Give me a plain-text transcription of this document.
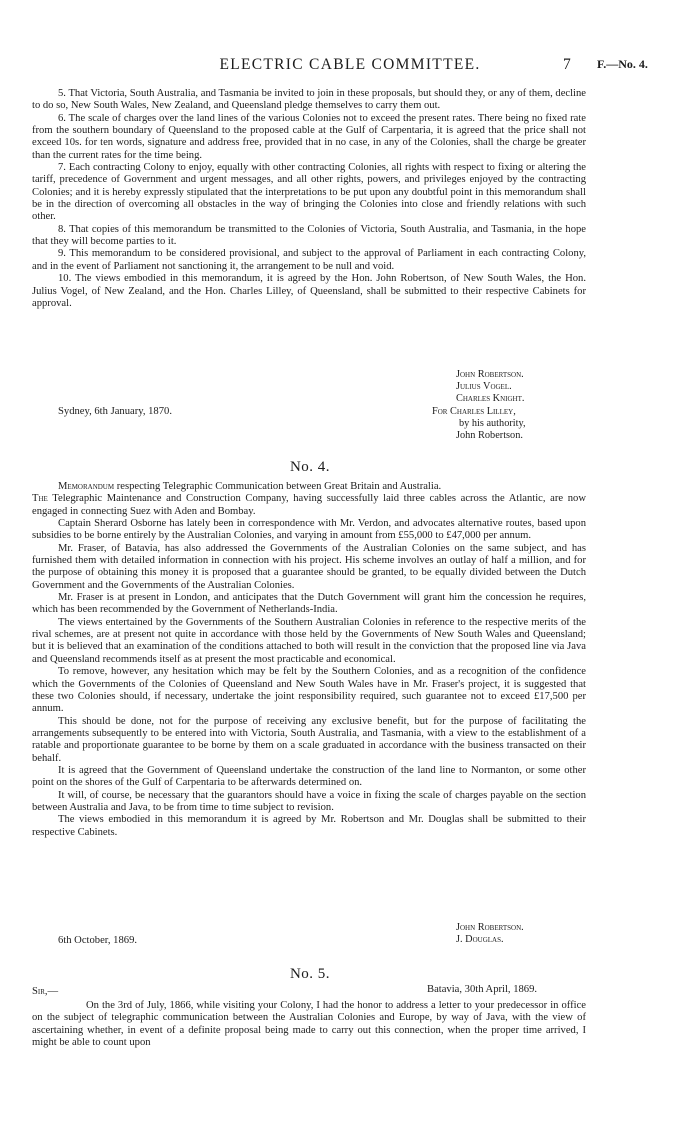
ELECTRIC CABLE COMMITTEE.	7 F.—No. 4.

5. That Victoria, South Australia, and Tasmania be invited to join in these proposals, but should they, or any of them, decline to do so, New South Wales, New Zealand, and Queensland pledge themselves to carry them out.

6. The scale of charges over the land lines of the various Colonies not to exceed the present rates. There being no fixed rate from the southern boundary of Queensland to the proposed cable at the Gulf of Carpentaria, it is agreed that the price shall not exceed 10s. for ten words, signature and address free, provided that in no case, in any of the Colonies, shall the charge be greater than the current rates for the time being.

7. Each contracting Colony to enjoy, equally with other contracting Colonies, all rights with respect to fixing or altering the tariff, precedence of Government and urgent messages, and all other rights, powers, and privileges enjoyed by the contracting Colonies; and it is hereby expressly stipulated that the interpretations to be put upon any doubtful point in this memorandum shall be in the direction of overcoming all obstacles in the way of bringing the Colonies into close and friendly relations with such other.

8. That copies of this memorandum be transmitted to the Colonies of Victoria, South Australia, and Tasmania, in the hope that they will become parties to it.

9. This memorandum to be considered provisional, and subject to the approval of Parliament in each contracting Colony, and in the event of Parliament not sanctioning it, the arrangement to be null and void.

10. The views embodied in this memorandum, it is agreed by the Hon. John Robertson, of New South Wales, the Hon. Julius Vogel, of New Zealand, and the Hon. Charles Lilley, of Queensland, shall be submitted to their respective Cabinets for approval.

John Robertson.
Julius Vogel.
Charles Knight.
For Charles Lilley,
by his authority,
John Robertson.
Sydney, 6th January, 1870.
No. 4.

Memorandum respecting Telegraphic Communication between Great Britain and Australia.

The Telegraphic Maintenance and Construction Company, having successfully laid three cables across the Atlantic, are now engaged in connecting Suez with Aden and Bombay.

Captain Sherard Osborne has lately been in correspondence with Mr. Verdon, and advocates alternative routes, based upon subsidies to be borne entirely by the Australian Colonies, and varying in amount from £55,000 to £47,000 per annum.

Mr. Fraser, of Batavia, has also addressed the Governments of the Australian Colonies on the same subject, and has furnished them with detailed information in connection with his project. His scheme involves an outlay of half a million, and for the purpose of obtaining this money it is proposed that a guarantee should be granted, to be equally divided between the Dutch Government and the Governments of the Australian Colonies.

Mr. Fraser is at present in London, and anticipates that the Dutch Government will grant him the concession he requires, which has been recommended by the Government of Netherlands-India.

The views entertained by the Governments of the Southern Australian Colonies in reference to the respective merits of the rival schemes, are at present not quite in accordance with those held by the Governments of New South Wales and Queensland; but it is believed that an examination of the conditions attached to both will result in the conviction that the proposed line via Java and Queensland recommends itself as at present the most practicable and economical.

To remove, however, any hesitation which may be felt by the Southern Colonies, and as a recognition of the confidence which the Governments of the Colonies of Queensland and New South Wales have in Mr. Fraser's project, it is suggested that these two Colonies should, if necessary, undertake the joint responsibility required, such guarantee not to exceed £17,500 per annum.

This should be done, not for the purpose of receiving any exclusive benefit, but for the purpose of facilitating the arrangements subsequently to be entered into with Victoria, South Australia, and Tasmania, with a view to the establishment of a ratable and proportionate guarantee to be borne by them on a scale graduated in accordance with the business transacted on their behalf.

It is agreed that the Government of Queensland undertake the construction of the land line to Normanton, or some other point on the shores of the Gulf of Carpentaria to be afterwards determined on.

It will, of course, be necessary that the guarantors should have a voice in fixing the scale of charges payable on the section between Australia and Java, to be from time to time subject to revision.

The views embodied in this memorandum it is agreed by Mr. Robertson and Mr. Douglas shall be submitted to their respective Cabinets.

John Robertson.
J. Douglas.
6th October, 1869.
No. 5.
Sir,—	Batavia, 30th April, 1869.

On the 3rd of July, 1866, while visiting your Colony, I had the honor to address a letter to your predecessor in office on the subject of telegraphic communication between the Australian Colonies and Europe, by way of Java, with the view of ascertaining whether, in event of a definite proposal being made to carry out this connection, when the proper time arrived, I might be able to count upon
